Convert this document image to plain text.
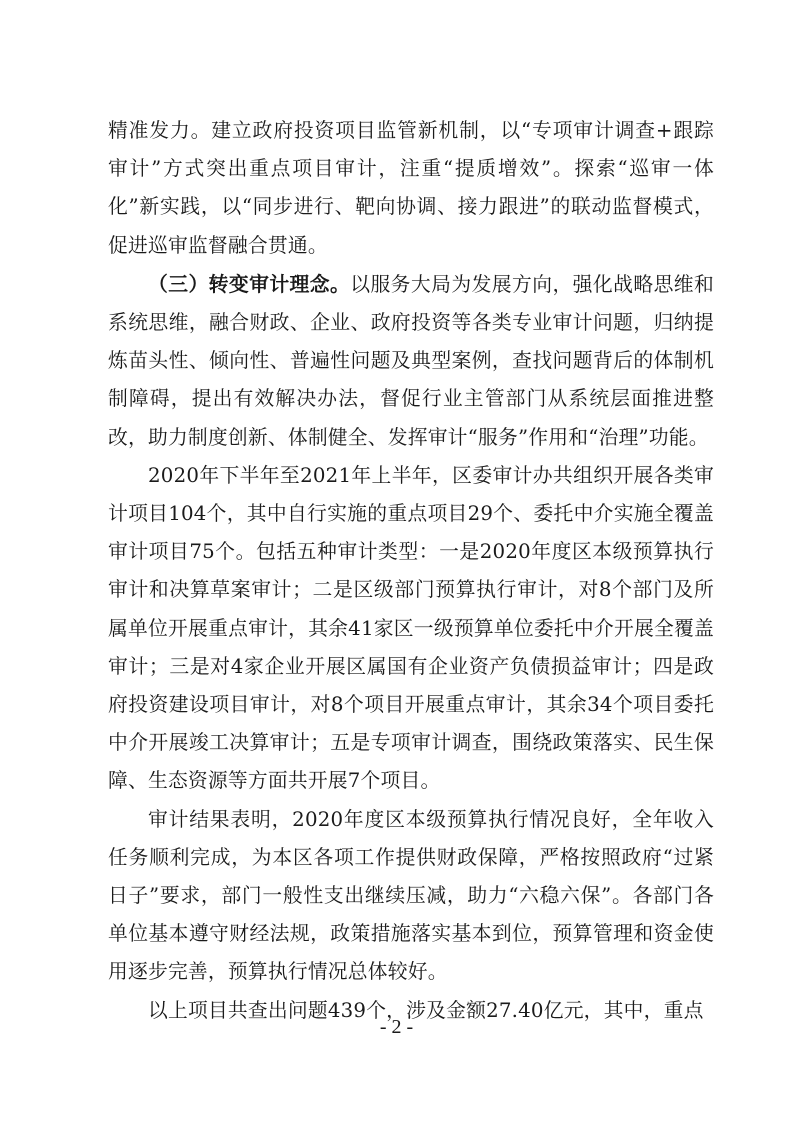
精准发力。建立政府投资项目监管新机制，以“专项审计调查+跟踪审计”方式突出重点项目审计，注重“提质增效”。探索“巡审一体化”新实践，以“同步进行、靶向协调、接力跟进”的联动监督模式，促进巡审监督融合贯通。

（三）转变审计理念。以服务大局为发展方向，强化战略思维和系统思维，融合财政、企业、政府投资等各类专业审计问题，归纳提炼苗头性、倾向性、普遍性问题及典型案例，查找问题背后的体制机制障碍，提出有效解决办法，督促行业主管部门从系统层面推进整改，助力制度创新、体制健全、发挥审计“服务”作用和“治理”功能。

2020年下半年至2021年上半年，区委审计办共组织开展各类审计项目104个，其中自行实施的重点项目29个、委托中介实施全覆盖审计项目75个。包括五种审计类型：一是2020年度区本级预算执行审计和决算草案审计；二是区级部门预算执行审计，对8个部门及所属单位开展重点审计，其余41家区一级预算单位委托中介开展全覆盖审计；三是对4家企业开展区属国有企业资产负债损益审计；四是政府投资建设项目审计，对8个项目开展重点审计，其余34个项目委托中介开展竣工决算审计；五是专项审计调查，围绕政策落实、民生保障、生态资源等方面共开展7个项目。

审计结果表明，2020年度区本级预算执行情况良好，全年收入任务顺利完成，为本区各项工作提供财政保障，严格按照政府“过紧日子”要求，部门一般性支出继续压减，助力“六稳六保”。各部门各单位基本遵守财经法规，政策措施落实基本到位，预算管理和资金使用逐步完善，预算执行情况总体较好。

以上项目共查出问题439个，涉及金额27.40亿元，其中，重点

- 2 -
